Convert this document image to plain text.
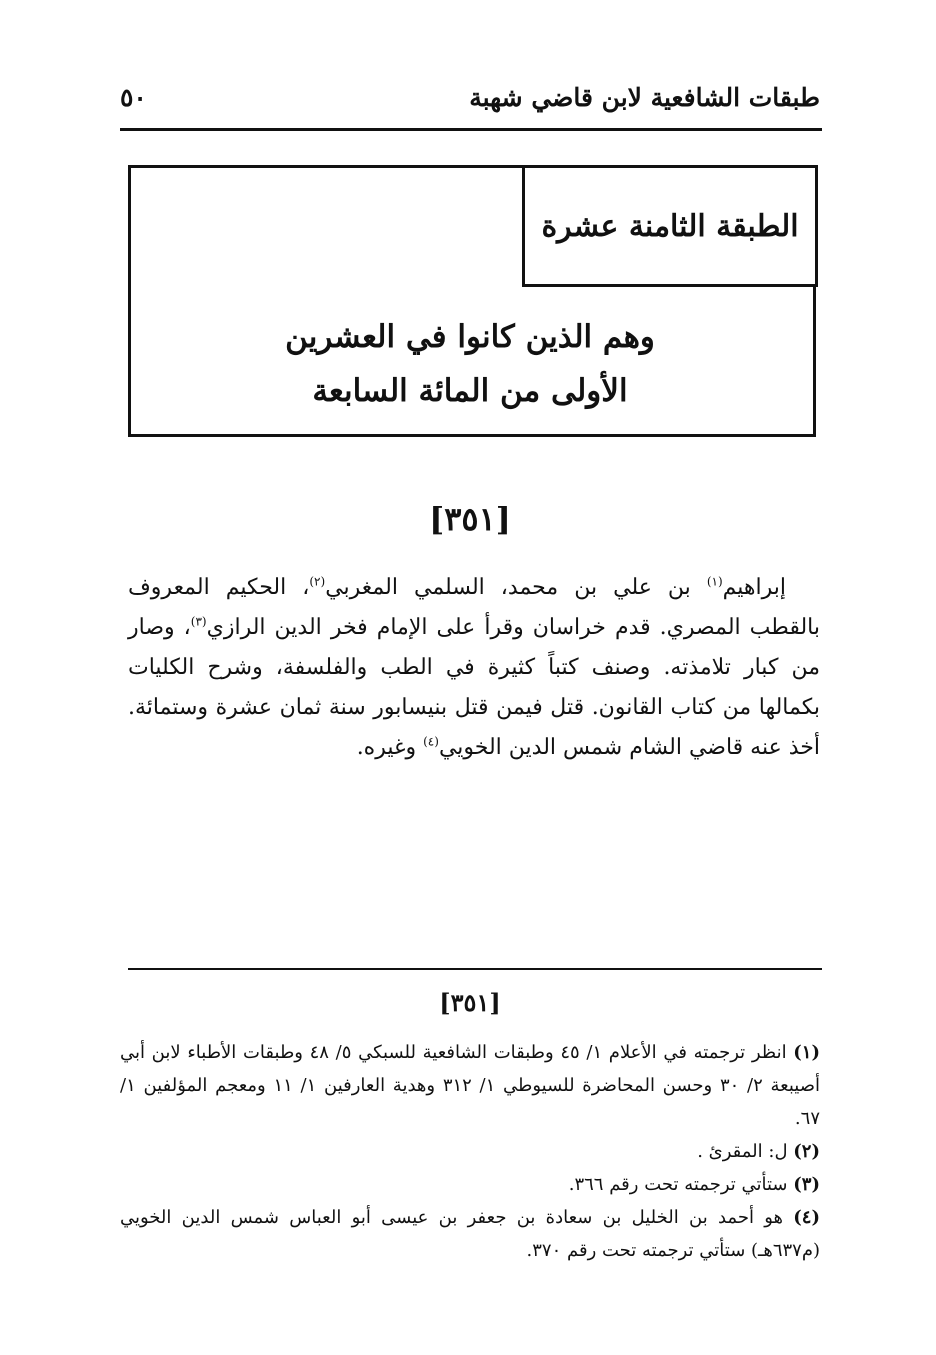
طبقات الشافعية لابن قاضي شهبة
٥٠
الطبقة الثامنة عشرة
وهم الذين كانوا في العشرين
الأولى من المائة السابعة
[٣٥١]

إبراهيم$^{(١)}$ بن علي بن محمد، السلمي المغربي$^{(٢)}$، الحكيم المعروف بالقطب المصري. قدم خراسان وقرأ على الإمام فخر الدين الرازي$^{(٣)}$، وصار من كبار تلامذته. وصنف كتباً كثيرة في الطب والفلسفة، وشرح الكليات بكمالها من كتاب القانون. قتل فيمن قتل بنيسابور سنة ثمان عشرة وستمائة. أخذ عنه قاضي الشام شمس الدين الخويي$^{(٤)}$ وغيره.

[٣٥١]

(١) انظر ترجمته في الأعلام ١/ ٤٥ وطبقات الشافعية للسبكي ٥/ ٤٨ وطبقات الأطباء لابن أبي أصيبعة ٢/ ٣٠ وحسن المحاضرة للسيوطي ١/ ٣١٢ وهدية العارفين ١/ ١١ ومعجم المؤلفين ١/ ٦٧.

(٢) ل: المقرئ .

(٣) ستأتي ترجمته تحت رقم ٣٦٦.

(٤) هو أحمد بن الخليل بن سعادة بن جعفر بن عيسى أبو العباس شمس الدين الخويي (م٦٣٧هـ) ستأتي ترجمته تحت رقم ٣٧٠.
